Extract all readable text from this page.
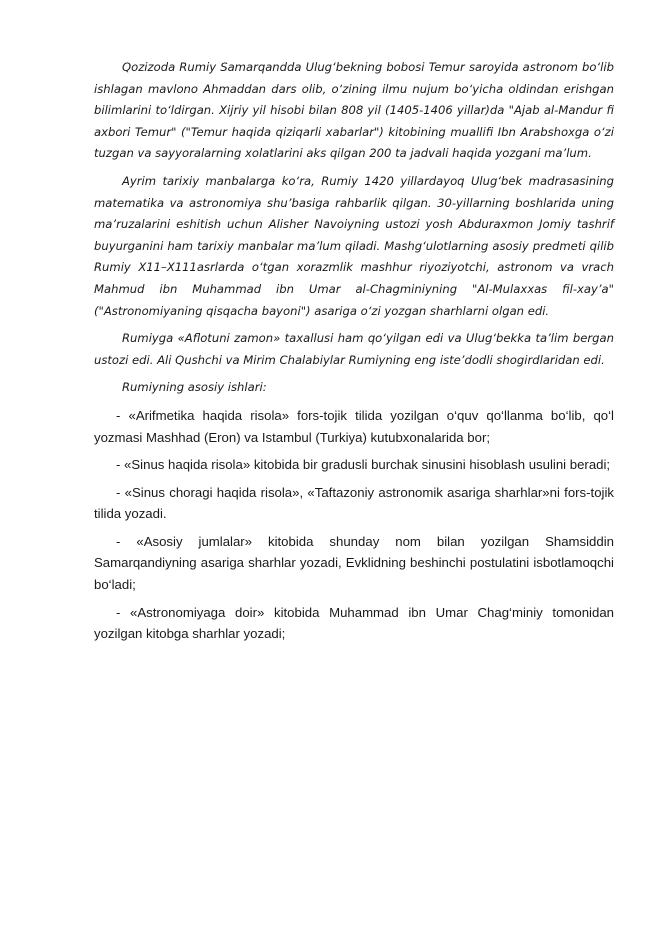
Qozizoda Rumiy Samarqandda Ulug‘bekning bobosi Temur saroyida astronom bo‘lib ishlagan mavlono Ahmaddan dars olib, o‘zining ilmu nujum bo‘yicha oldindan erishgan bilimlarini to‘ldirgan. Xijriy yil hisobi bilan 808 yil (1405-1406 yillar)da "Ajab al-Mandur fi axbori Temur" ("Temur haqida qiziqarli xabarlar") kitobining muallifi Ibn Arabshoxga o‘zi tuzgan va sayyoralarning xolatlarini aks qilgan 200 ta jadvali haqida yozgani ma’lum.

Ayrim tarixiy manbalarga ko‘ra, Rumiy 1420 yillardayoq Ulug‘bek madrasasining matematika va astronomiya shu’basiga rahbarlik qilgan. 30-yillarning boshlarida uning ma’ruzalarini eshitish uchun Alisher Navoiyning ustozi yosh Abduraxmon Jomiy tashrif buyurganini ham tarixiy manbalar ma’lum qiladi. Mashg‘ulotlarning asosiy predmeti qilib Rumiy X11–X111asrlarda o‘tgan xorazmlik mashhur riyoziyotchi, astronom va vrach Mahmud ibn Muhammad ibn Umar al-Chagminiyning "Al-Mulaxxas fil-xay’a" ("Astronomiyaning qisqacha bayoni") asariga o‘zi yozgan sharhlarni olgan edi.

Rumiyga «Aflotuni zamon» taxallusi ham qo‘yilgan edi va Ulug‘bekka ta’lim bergan ustozi edi. Ali Qushchi va Mirim Chalabiylar Rumiyning eng iste’dodli shogirdlaridan edi.

Rumiyning asosiy ishlari:

- «Arifmetika haqida risola» fors-tojik tilida yozilgan o‘quv qo‘llanma bo‘lib, qo‘l yozmasi Mashhad (Eron) va Istambul (Turkiya) kutubxonalarida bor;

- «Sinus haqida risola» kitobida bir gradusli burchak sinusini hisoblash usulini beradi;

- «Sinus choragi haqida risola», «Taftazoniy astronomik asariga sharhlar»ni fors-tojik tilida yozadi.

- «Asosiy jumlalar» kitobida shunday nom bilan yozilgan Shamsiddin Samarqandiyning asariga sharhlar yozadi, Evklidning beshinchi postulatini isbotlamoqchi bo‘ladi;

- «Astronomiyaga doir» kitobida Muhammad ibn Umar Chag‘miniy tomonidan yozilgan kitobga sharhlar yozadi;
